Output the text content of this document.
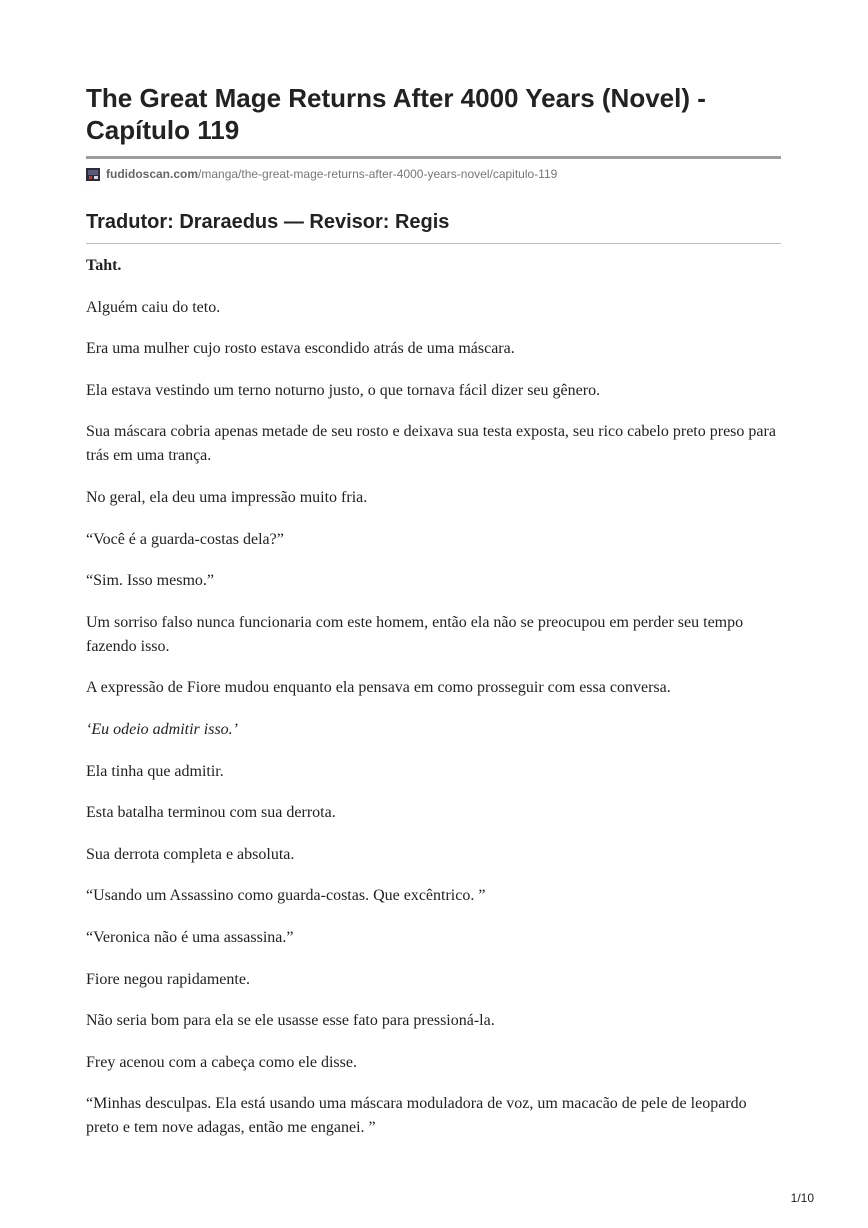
The Great Mage Returns After 4000 Years (Novel) - Capítulo 119
fudidoscan.com /manga/the-great-mage-returns-after-4000-years-novel/capitulo-119
Tradutor: Draraedus — Revisor: Regis

Taht.

Alguém caiu do teto.

Era uma mulher cujo rosto estava escondido atrás de uma máscara.

Ela estava vestindo um terno noturno justo, o que tornava fácil dizer seu gênero.

Sua máscara cobria apenas metade de seu rosto e deixava sua testa exposta, seu rico cabelo preto preso para trás em uma trança.

No geral, ela deu uma impressão muito fria.

“Você é a guarda-costas dela?”

“Sim. Isso mesmo.”

Um sorriso falso nunca funcionaria com este homem, então ela não se preocupou em perder seu tempo fazendo isso.

A expressão de Fiore mudou enquanto ela pensava em como prosseguir com essa conversa.

‘Eu odeio admitir isso.’

Ela tinha que admitir.

Esta batalha terminou com sua derrota.

Sua derrota completa e absoluta.

“Usando um Assassino como guarda-costas. Que excêntrico. ”

“Veronica não é uma assassina.”

Fiore negou rapidamente.

Não seria bom para ela se ele usasse esse fato para pressioná-la.

Frey acenou com a cabeça como ele disse.

“Minhas desculpas. Ela está usando uma máscara moduladora de voz, um macacão de pele de leopardo preto e tem nove adagas, então me enganei. ”

1/10
